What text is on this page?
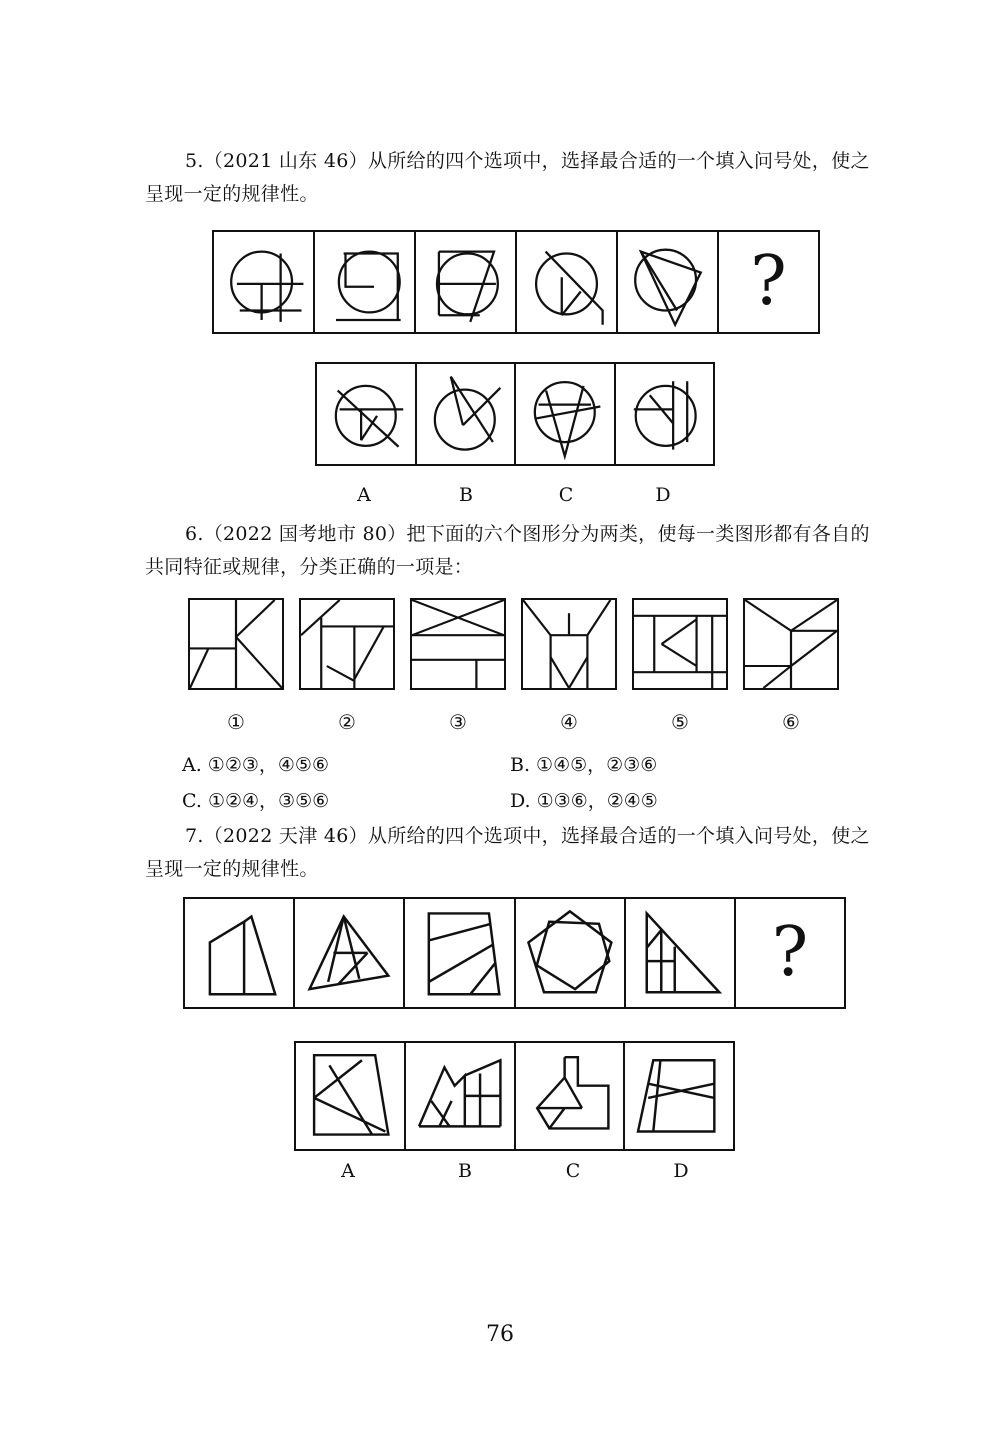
5.（2021 山东 46）从所给的四个选项中，选择最合适的一个填入问号处，使之

呈现一定的规律性。

?
A	B	C	D

6.（2022 国考地市 80）把下面的六个图形分为两类，使每一类图形都有各自的

共同特征或规律，分类正确的一项是：

①	②	③	④	⑤	⑥
A. ①②③，④⑤⑥	B. ①④⑤，②③⑥
C. ①②④，③⑤⑥	D. ①③⑥，②④⑤

7.（2022 天津 46）从所给的四个选项中，选择最合适的一个填入问号处，使之

呈现一定的规律性。

?
A	B	C	D
76
